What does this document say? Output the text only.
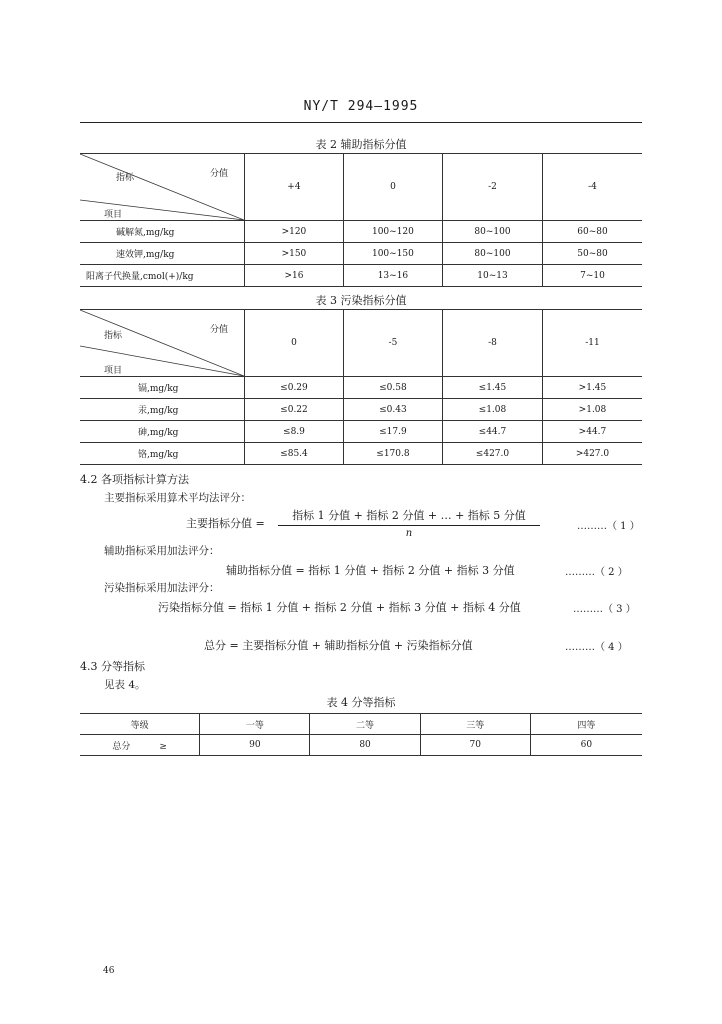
NY/T 294—1995
表 2 辅助指标分值
分值
指标
项目	+4	0	-2	-4
碱解氮,mg/kg	>120	100~120	80~100	60~80
速效钾,mg/kg	>150	100~150	80~100	50~80
阳离子代换量,cmol(+)/kg	>16	13~16	10~13	7~10
表 3 污染指标分值
分值
指标
项目	0	-5	-8	-11
镉,mg/kg	≤0.29	≤0.58	≤1.45	>1.45
汞,mg/kg	≤0.22	≤0.43	≤1.08	>1.08
砷,mg/kg	≤8.9	≤17.9	≤44.7	>44.7
铬,mg/kg	≤85.4	≤170.8	≤427.0	>427.0
4.2 各项指标计算方法
主要指标采用算术平均法评分：
主要指标分值 =
指标 1 分值 + 指标 2 分值 + … + 指标 5 分值
n
………（ 1 ）
辅助指标采用加法评分：
辅助指标分值 = 指标 1 分值 + 指标 2 分值 + 指标 3 分值	………（ 2 ）
污染指标采用加法评分：
污染指标分值 = 指标 1 分值 + 指标 2 分值 + 指标 3 分值 + 指标 4 分值	………（ 3 ）
总分 = 主要指标分值 + 辅助指标分值 + 污染指标分值	………（ 4 ）
4.3 分等指标
见表 4。
表 4 分等指标
等级	一等	二等	三等	四等
总分 ≥	90	80	70	60
46
